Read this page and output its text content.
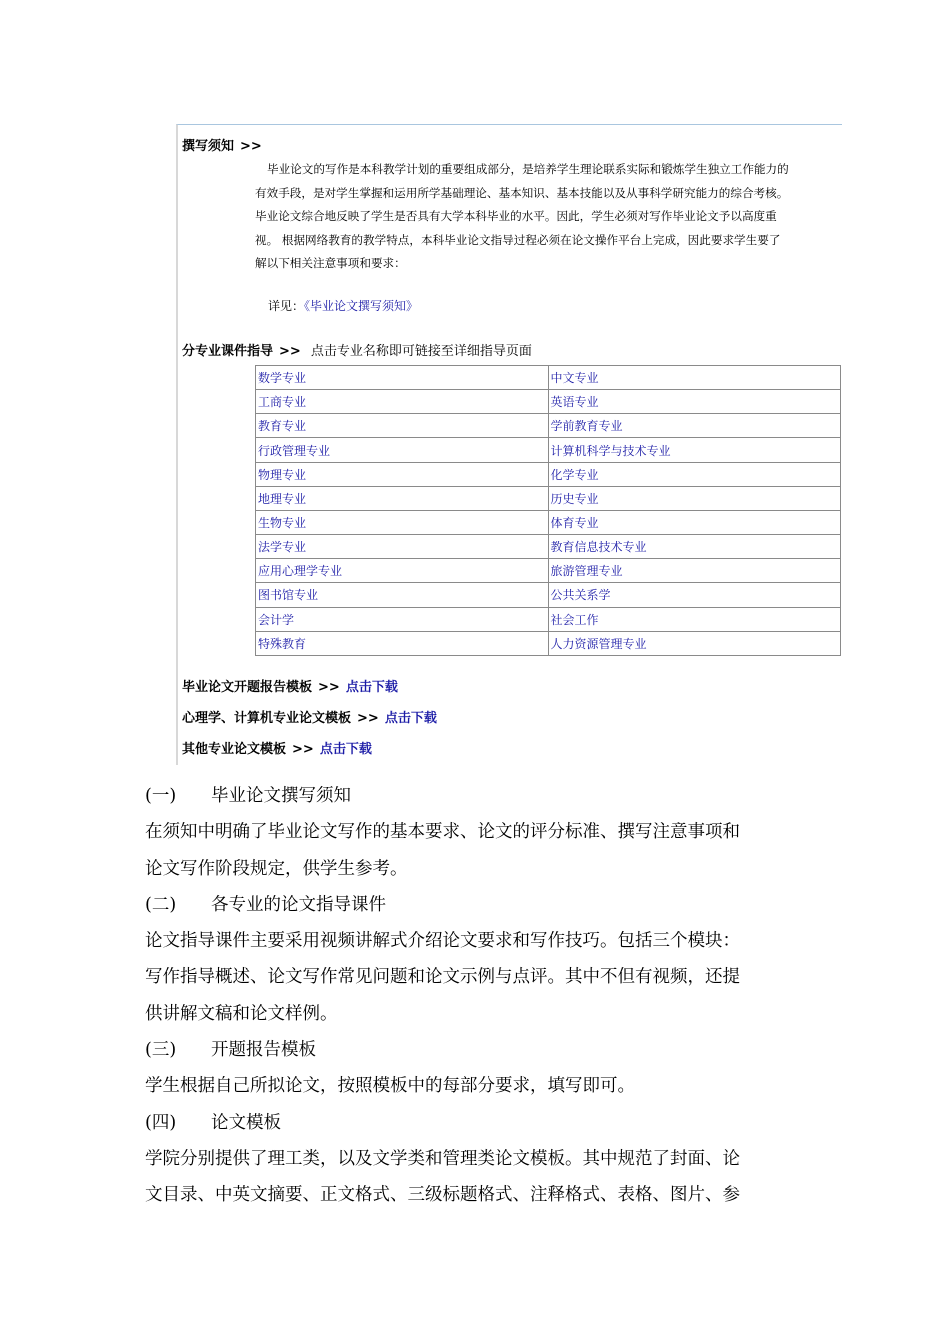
撰写须知 >>

毕业论文的写作是本科教学计划的重要组成部分，是培养学生理论联系实际和锻炼学生独立工作能力的
有效手段，是对学生掌握和运用所学基础理论、基本知识、基本技能以及从事科学研究能力的综合考核。
毕业论文综合地反映了学生是否具有大学本科毕业的水平。因此，学生必须对写作毕业论文予以高度重
视。 根据网络教育的教学特点，本科毕业论文指导过程必须在论文操作平台上完成，因此要求学生要了
解以下相关注意事项和要求：

详见：《毕业论文撰写须知》
分专业课件指导 >> 点击专业名称即可链接至详细指导页面
数学专业	中文专业
工商专业	英语专业
教育专业	学前教育专业
行政管理专业	计算机科学与技术专业
物理专业	化学专业
地理专业	历史专业
生物专业	体育专业
法学专业	教育信息技术专业
应用心理学专业	旅游管理专业
图书馆专业	公共关系学
会计学	社会工作
特殊教育	人力资源管理专业
毕业论文开题报告模板 >> 点击下载
心理学、计算机专业论文模板 >> 点击下载
其他专业论文模板 >> 点击下载

(一) 毕业论文撰写须知

在须知中明确了毕业论文写作的基本要求、论文的评分标准、撰写注意事项和

论文写作阶段规定，供学生参考。

(二) 各专业的论文指导课件

论文指导课件主要采用视频讲解式介绍论文要求和写作技巧。包括三个模块：

写作指导概述、论文写作常见问题和论文示例与点评。其中不但有视频，还提

供讲解文稿和论文样例。

(三) 开题报告模板

学生根据自己所拟论文，按照模板中的每部分要求，填写即可。

(四) 论文模板

学院分别提供了理工类，以及文学类和管理类论文模板。其中规范了封面、论

文目录、中英文摘要、正文格式、三级标题格式、注释格式、表格、图片、参
